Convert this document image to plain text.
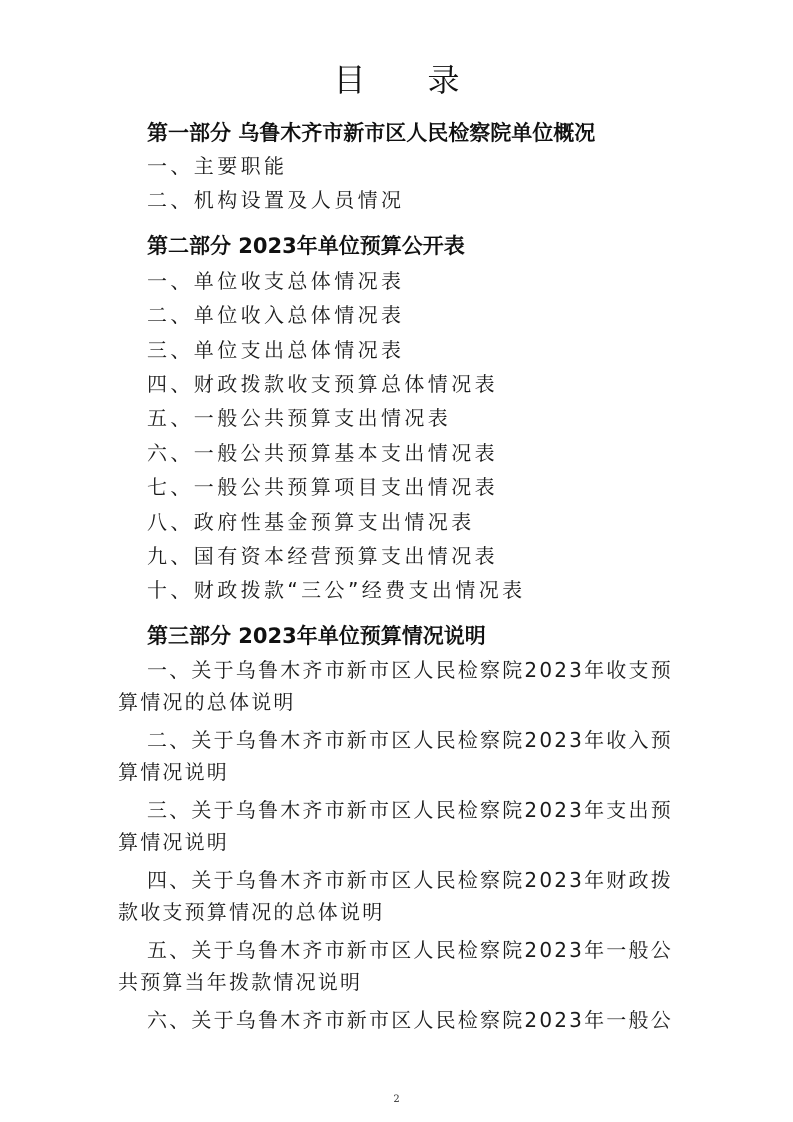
目 录
第一部分 乌鲁木齐市新市区人民检察院单位概况
一、主要职能
二、机构设置及人员情况
第二部分 2023年单位预算公开表
一、单位收支总体情况表
二、单位收入总体情况表
三、单位支出总体情况表
四、财政拨款收支预算总体情况表
五、一般公共预算支出情况表
六、一般公共预算基本支出情况表
七、一般公共预算项目支出情况表
八、政府性基金预算支出情况表
九、国有资本经营预算支出情况表
十、财政拨款“三公”经费支出情况表
第三部分 2023年单位预算情况说明
一、关于乌鲁木齐市新市区人民检察院2023年收支预
算情况的总体说明
二、关于乌鲁木齐市新市区人民检察院2023年收入预
算情况说明
三、关于乌鲁木齐市新市区人民检察院2023年支出预
算情况说明
四、关于乌鲁木齐市新市区人民检察院2023年财政拨
款收支预算情况的总体说明
五、关于乌鲁木齐市新市区人民检察院2023年一般公
共预算当年拨款情况说明
六、关于乌鲁木齐市新市区人民检察院2023年一般公
2
